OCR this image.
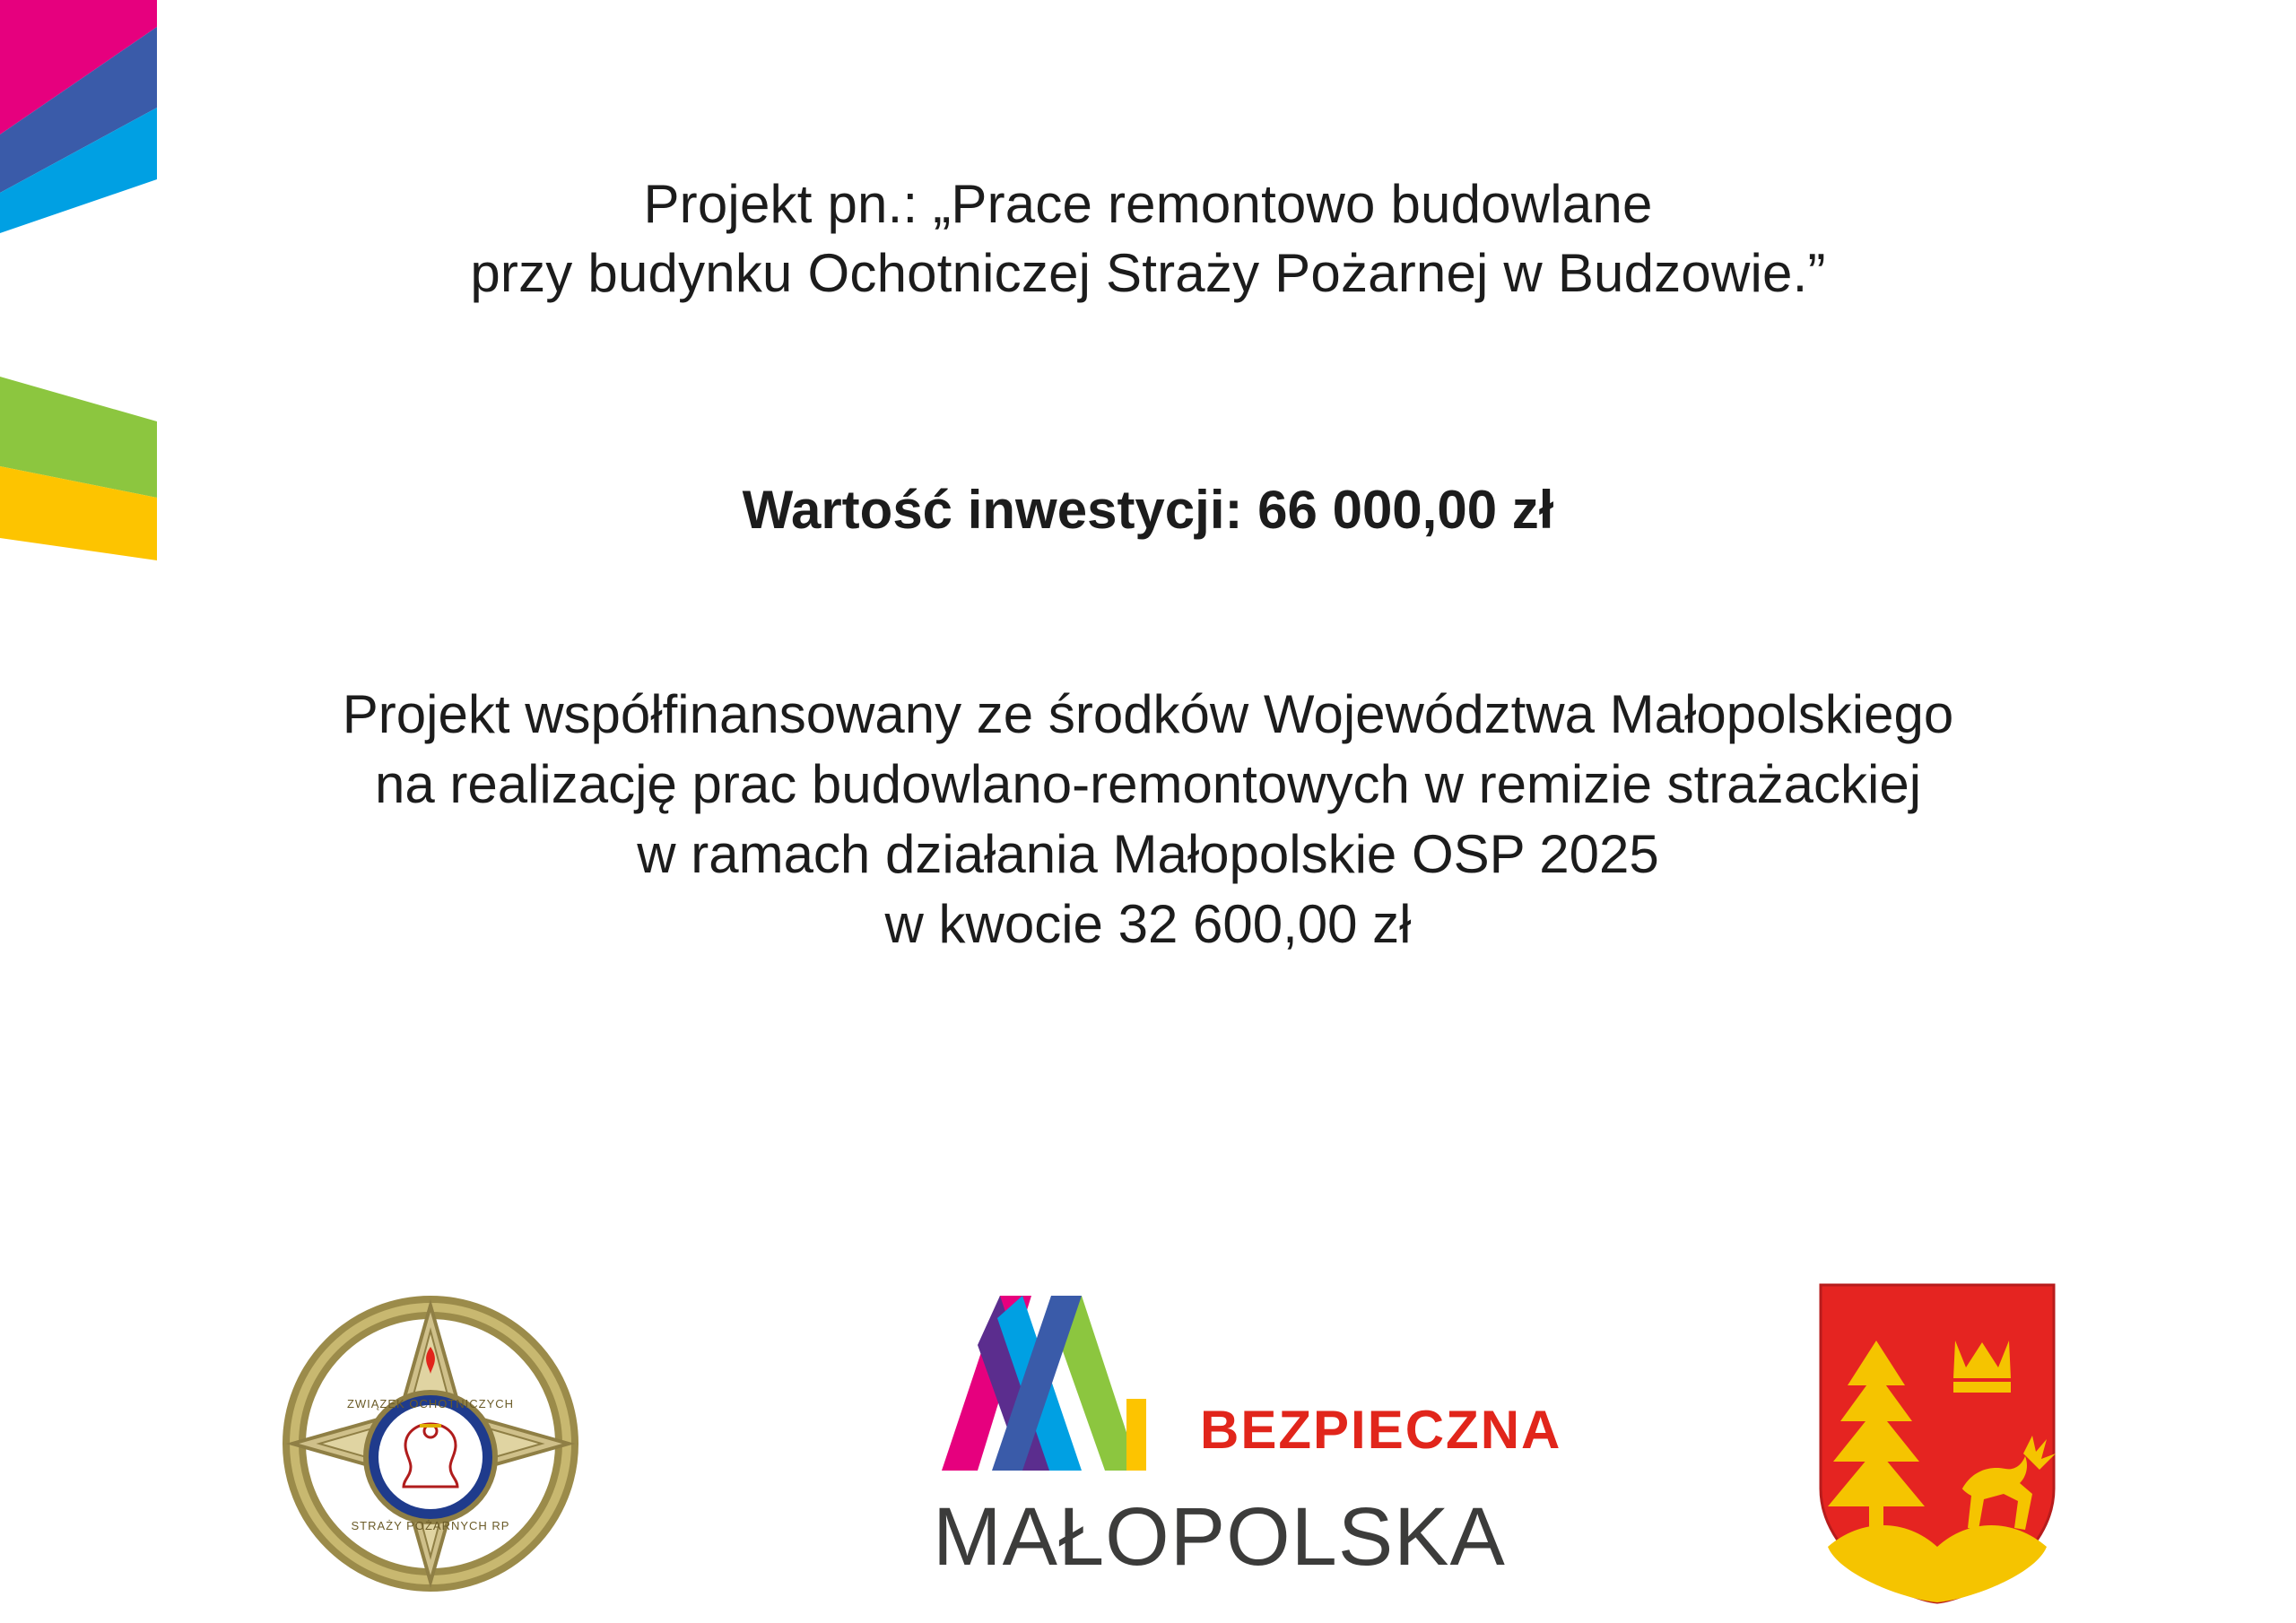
Projekt pn.: „Prace remontowo budowlane
przy budynku Ochotniczej Straży Pożarnej w Budzowie.”

Wartość inwestycji: 66 000,00 zł

Projekt współfinansowany ze środków Województwa Małopolskiego
na realizację prac budowlano-remontowych w remizie strażackiej
w ramach działania Małopolskie OSP 2025
w kwocie 32 600,00 zł

ZWIĄZEK OCHOTNICZYCH
STRAŻY POŻARNYCH RP
BEZPIECZNA
MAŁOPOLSKA
